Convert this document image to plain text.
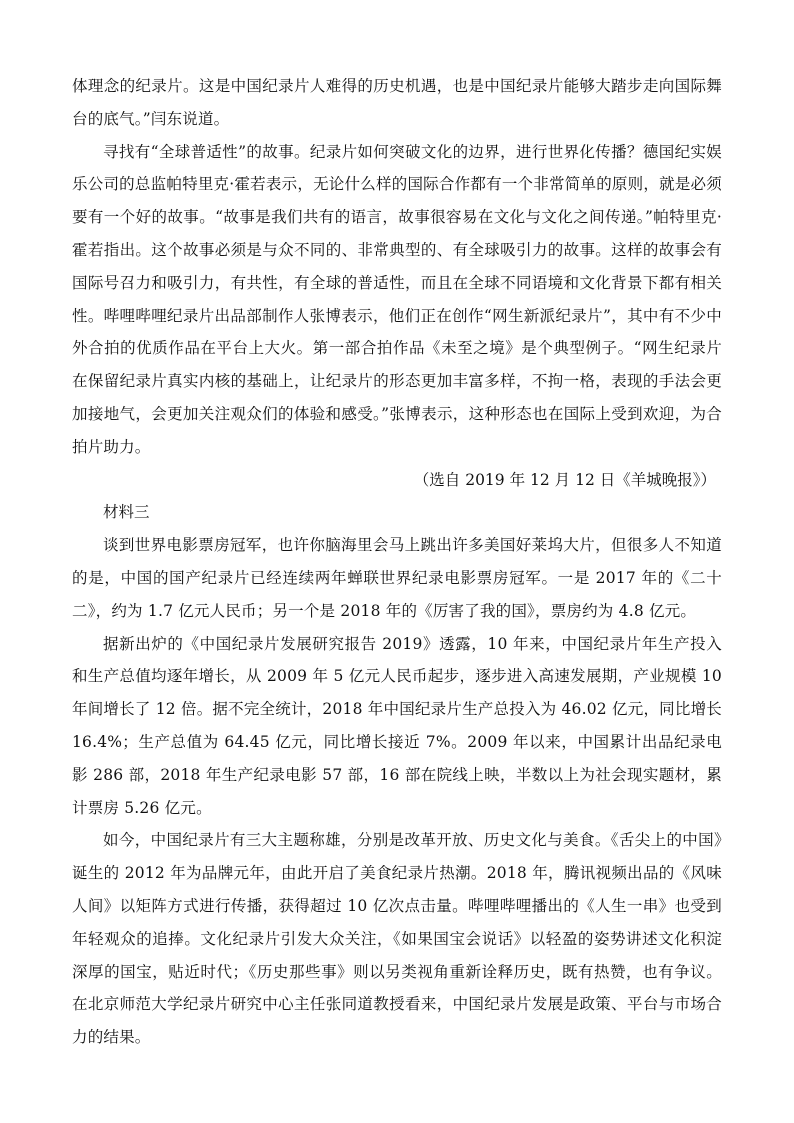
体理念的纪录片。这是中国纪录片人难得的历史机遇，也是中国纪录片能够大踏步走向国际舞台的底气。”闫东说道。

寻找有“全球普适性”的故事。纪录片如何突破文化的边界，进行世界化传播？德国纪实娱乐公司的总监帕特里克·霍若表示，无论什么样的国际合作都有一个非常简单的原则，就是必须要有一个好的故事。“故事是我们共有的语言，故事很容易在文化与文化之间传递。”帕特里克·霍若指出。这个故事必须是与众不同的、非常典型的、有全球吸引力的故事。这样的故事会有国际号召力和吸引力，有共性，有全球的普适性，而且在全球不同语境和文化背景下都有相关性。哔哩哔哩纪录片出品部制作人张博表示，他们正在创作“网生新派纪录片”，其中有不少中外合拍的优质作品在平台上大火。第一部合拍作品《未至之境》是个典型例子。“网生纪录片在保留纪录片真实内核的基础上，让纪录片的形态更加丰富多样，不拘一格，表现的手法会更加接地气，会更加关注观众们的体验和感受。”张博表示，这种形态也在国际上受到欢迎，为合拍片助力。

（选自 2019 年 12 月 12 日《羊城晚报》）

材料三

谈到世界电影票房冠军，也许你脑海里会马上跳出许多美国好莱坞大片，但很多人不知道的是，中国的国产纪录片已经连续两年蝉联世界纪录电影票房冠军。一是 2017 年的《二十二》，约为 1.7 亿元人民币；另一个是 2018 年的《厉害了我的国》，票房约为 4.8 亿元。

据新出炉的《中国纪录片发展研究报告 2019》透露，10 年来，中国纪录片年生产投入和生产总值均逐年增长，从 2009 年 5 亿元人民币起步，逐步进入高速发展期，产业规模 10 年间增长了 12 倍。据不完全统计，2018 年中国纪录片生产总投入为 46.02 亿元，同比增长 16.4%；生产总值为 64.45 亿元，同比增长接近 7%。2009 年以来，中国累计出品纪录电影 286 部，2018 年生产纪录电影 57 部，16 部在院线上映，半数以上为社会现实题材，累计票房 5.26 亿元。

如今，中国纪录片有三大主题称雄，分别是改革开放、历史文化与美食。《舌尖上的中国》诞生的 2012 年为品牌元年，由此开启了美食纪录片热潮。2018 年，腾讯视频出品的《风味人间》以矩阵方式进行传播，获得超过 10 亿次点击量。哔哩哔哩播出的《人生一串》也受到年轻观众的追捧。文化纪录片引发大众关注，《如果国宝会说话》以轻盈的姿势讲述文化积淀深厚的国宝，贴近时代；《历史那些事》则以另类视角重新诠释历史，既有热赞，也有争议。在北京师范大学纪录片研究中心主任张同道教授看来，中国纪录片发展是政策、平台与市场合力的结果。
